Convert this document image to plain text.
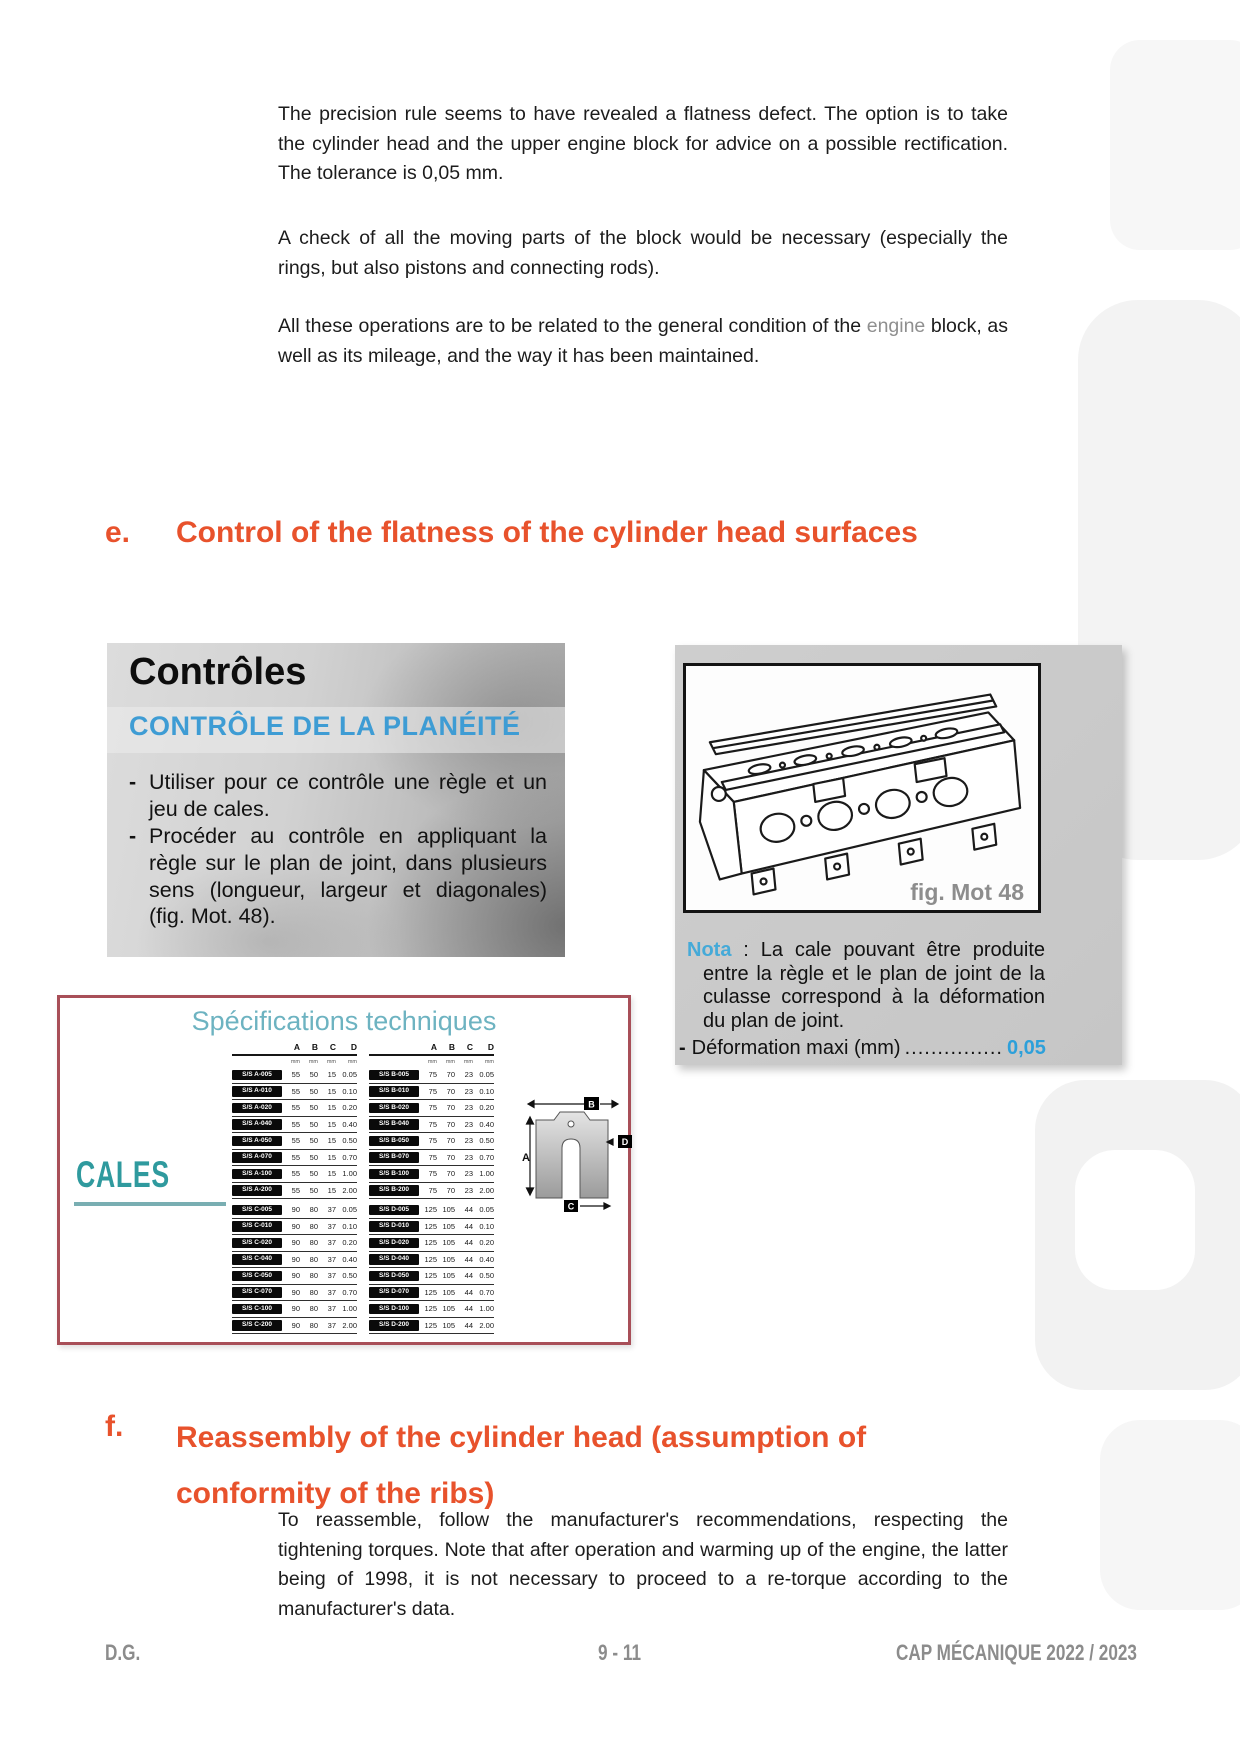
The precision rule seems to have revealed a flatness defect. The option is to take the cylinder head and the upper engine block for advice on a possible rectification. The tolerance is 0,05 mm.

A check of all the moving parts of the block would be necessary (especially the rings, but also pistons and connecting rods).

All these operations are to be related to the general condition of the engine block, as well as its mileage, and the way it has been maintained.

e. Control of the flatness of the cylinder head surfaces
Contrôles
CONTRÔLE DE LA PLANÉITÉ
- Utiliser pour ce contrôle une règle et un jeu de cales.
- Procéder au contrôle en appliquant la règle sur le plan de joint, dans plusieurs sens (longueur, largeur et diagonales) (fig. Mot. 48).
fig. Mot 48
Nota : La cale pouvant être produite entre la règle et le plan de joint de la culasse correspond à la déformation du plan de joint.
- Déformation maxi (mm) ............... 0,05
Spécifications techniques
CALES
A	B	C	D	A	B	C	D
mm	mm	mm	mm	mm	mm	mm	mm
S/S A-005	55	50	15 0.05	S/S B-005	75	70	23 0.05
S/S A-010	55	50	15 0.10	S/S B-010	75	70	23 0.10
S/S A-020	55	50	15 0.20	S/S B-020	75	70	23 0.20
S/S A-040	55	50	15 0.40	S/S B-040	75	70	23 0.40
S/S A-050	55	50	15 0.50	S/S B-050	75	70	23 0.50
S/S A-070	55	50	15 0.70	S/S B-070	75	70	23 0.70
S/S A-100	55	50	15 1.00	S/S B-100	75	70	23 1.00
S/S A-200	55	50	15 2.00	S/S B-200	75	70	23 2.00
S/S C-005	90	80	37 0.05	S/S D-005	125 105	44 0.05
S/S C-010	90	80	37 0.10	S/S D-010	125 105	44 0.10
S/S C-020	90	80	37 0.20	S/S D-020	125 105	44 0.20
S/S C-040	90	80	37 0.40	S/S D-040	125 105	44 0.40
S/S C-050	90	80	37 0.50	S/S D-050	125 105	44 0.50
S/S C-070	90	80	37 0.70	S/S D-070	125 105	44 0.70
S/S C-100	90	80	37 1.00	S/S D-100	125 105	44 1.00
S/S C-200	90	80	37 2.00	S/S D-200	125 105	44 2.00
A
B
C
D
f. Reassembly of the cylinder head (assumption of conformity of the ribs)

To reassemble, follow the manufacturer's recommendations, respecting the tightening torques. Note that after operation and warming up of the engine, the latter being of 1998, it is not necessary to proceed to a re-torque according to the manufacturer's data.

D.G.	9 - 11	CAP MÉCANIQUE 2022 / 2023
